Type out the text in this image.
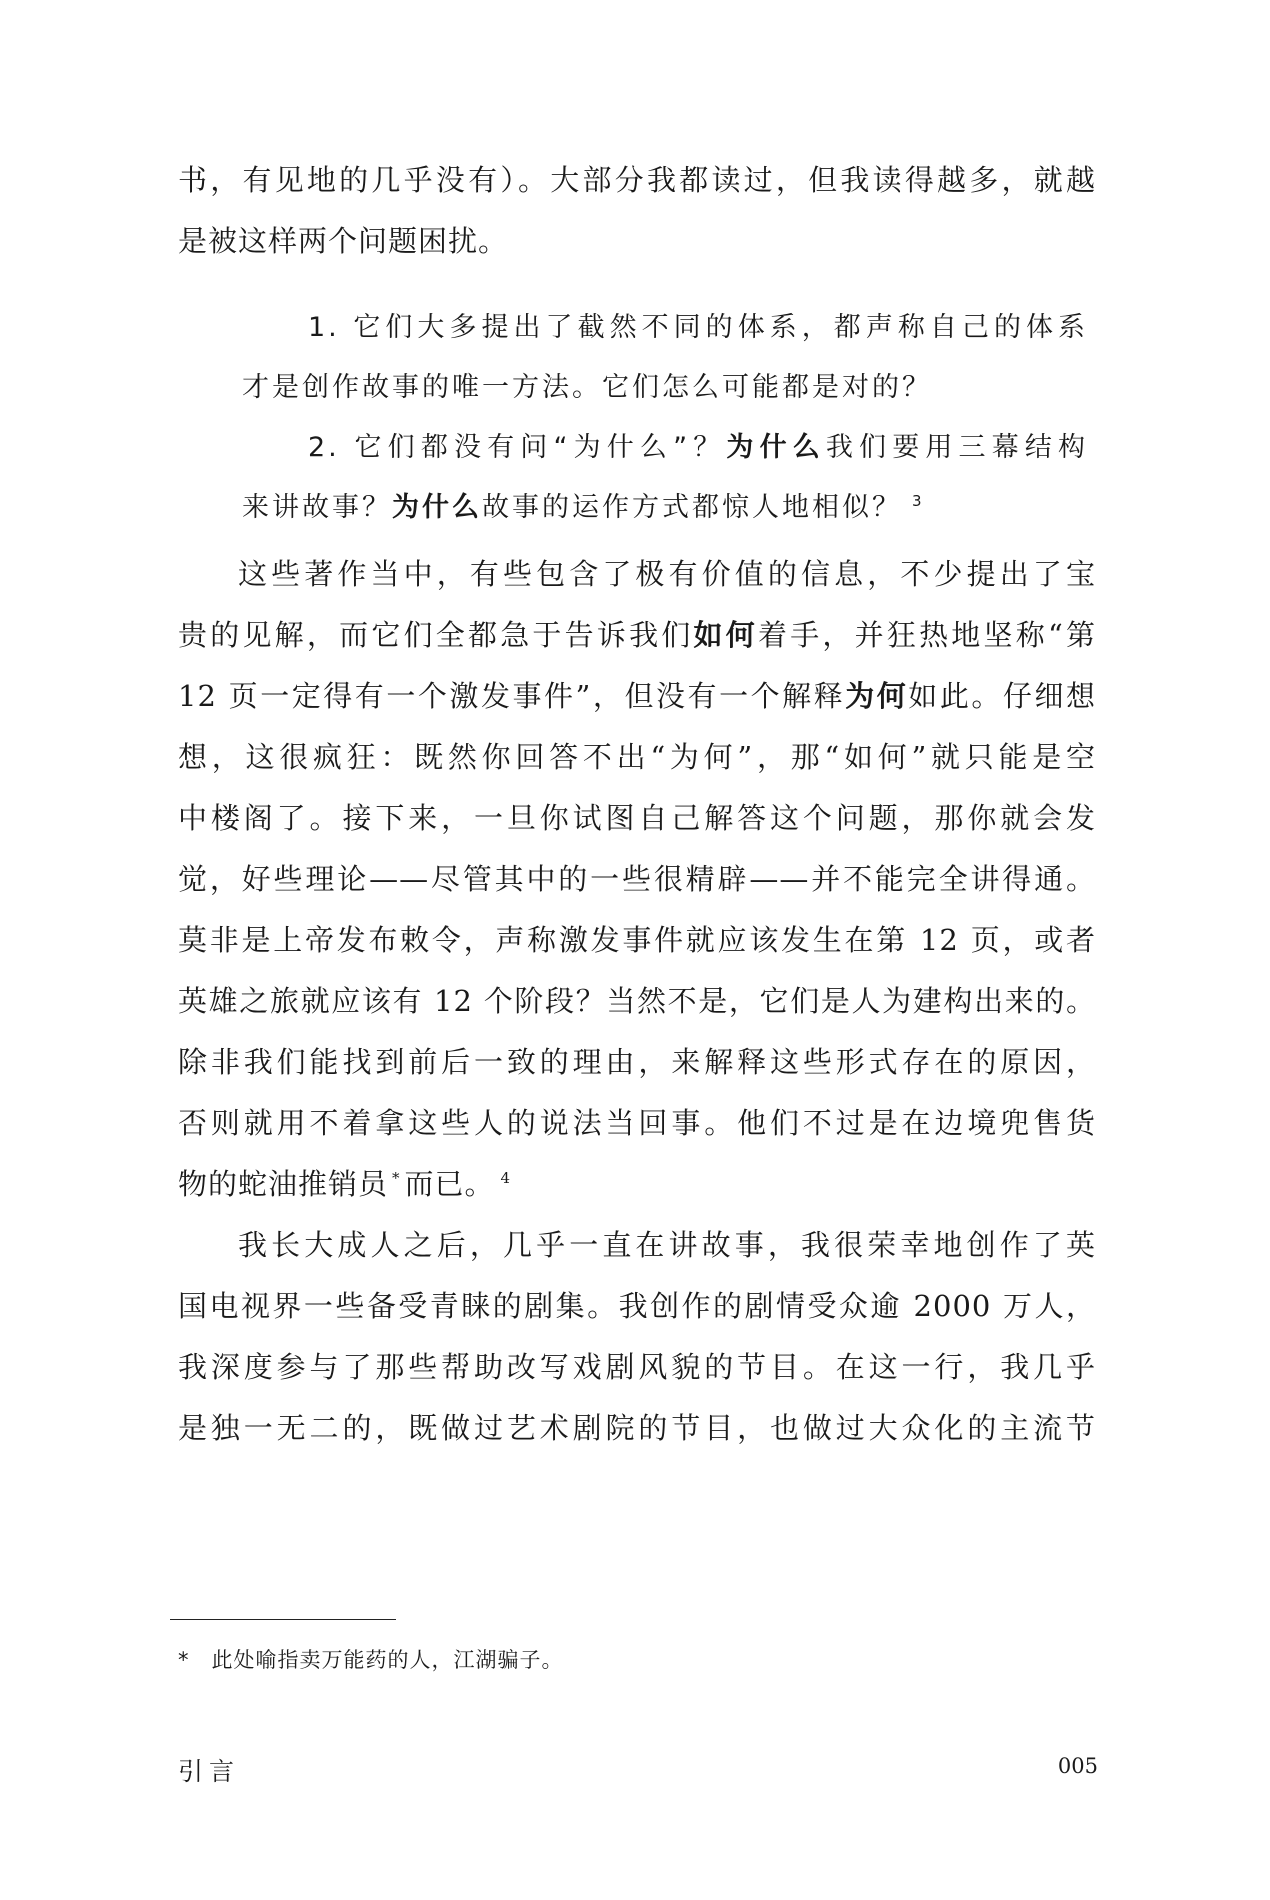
书，有见地的几乎没有）。大部分我都读过，但我读得越多，就越
是被这样两个问题困扰。
1. 它们大多提出了截然不同的体系，都声称自己的体系
才是创作故事的唯一方法。它们怎么可能都是对的？
2. 它们都没有问“为什么”？为什么我们要用三幕结构
来讲故事？为什么故事的运作方式都惊人地相似？ $^3$
这些著作当中，有些包含了极有价值的信息，不少提出了宝
贵的见解，而它们全都急于告诉我们如何着手，并狂热地坚称“第
12 页一定得有一个激发事件”，但没有一个解释为何如此。仔细想
想，这很疯狂：既然你回答不出“为何”，那“如何”就只能是空
中楼阁了。接下来，一旦你试图自己解答这个问题，那你就会发
觉，好些理论——尽管其中的一些很精辟——并不能完全讲得通。
莫非是上帝发布敕令，声称激发事件就应该发生在第 12 页，或者
英雄之旅就应该有 12 个阶段？当然不是，它们是人为建构出来的。
除非我们能找到前后一致的理由，来解释这些形式存在的原因，
否则就用不着拿这些人的说法当回事。他们不过是在边境兜售货
物的蛇油推销员 * 而已。 $^4$
我长大成人之后，几乎一直在讲故事，我很荣幸地创作了英
国电视界一些备受青睐的剧集。我创作的剧情受众逾 2000 万人，
我深度参与了那些帮助改写戏剧风貌的节目。在这一行，我几乎
是独一无二的，既做过艺术剧院的节目，也做过大众化的主流节
* 此处喻指卖万能药的人，江湖骗子。
引言	005
